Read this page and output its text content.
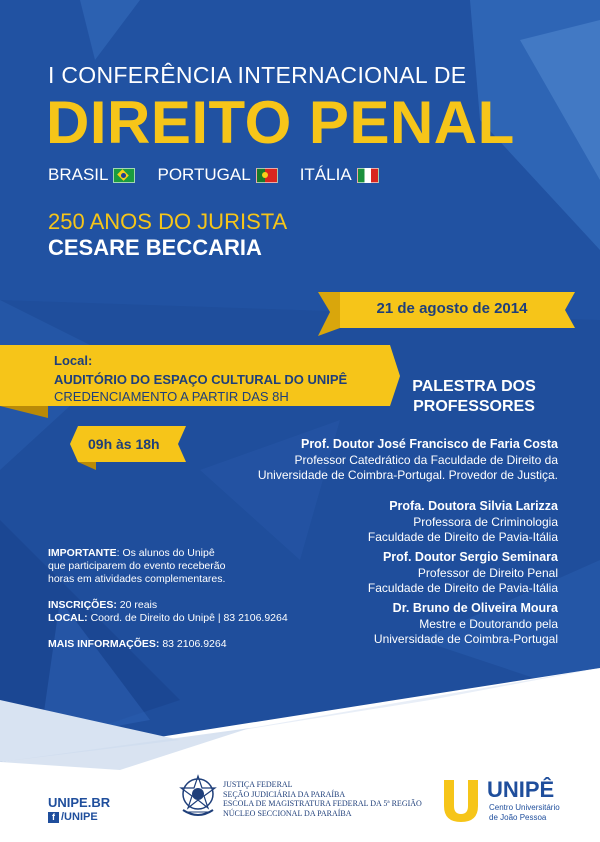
I CONFERÊNCIA INTERNACIONAL DE
DIREITO PENAL
BRASIL	PORTUGAL	ITÁLIA
250 ANOS DO JURISTA
CESARE BECCARIA
21 de agosto de 2014
Local:
AUDITÓRIO DO ESPAÇO CULTURAL DO UNIPÊ
CREDENCIAMENTO A PARTIR DAS 8H
09h às 18h
PALESTRA DOS
PROFESSORES
Prof. Doutor José Francisco de Faria Costa
Professor Catedrático da Faculdade de Direito da
Universidade de Coimbra-Portugal. Provedor de Justiça.
Profa. Doutora Silvia Larizza
Professora de Criminologia
Faculdade de Direito de Pavia-Itália
Prof. Doutor Sergio Seminara
Professor de Direito Penal
Faculdade de Direito de Pavia-Itália
Dr. Bruno de Oliveira Moura
Mestre e Doutorando pela
Universidade de Coimbra-Portugal
IMPORTANTE: Os alunos do Unipê
que participarem do evento receberão
horas em atividades complementares.
INSCRIÇÕES: 20 reais
LOCAL: Coord. de Direito do Unipê | 83 2106.9264
MAIS INFORMAÇÕES: 83 2106.9264
UNIPE.BR
f /UNIPE
JUSTIÇA FEDERAL
SEÇÃO JUDICIÁRIA DA PARAÍBA
ESCOLA DE MAGISTRATURA FEDERAL DA 5ª REGIÃO
NÚCLEO SECCIONAL DA PARAÍBA
UNIPÊ
Centro Universitário
de João Pessoa
